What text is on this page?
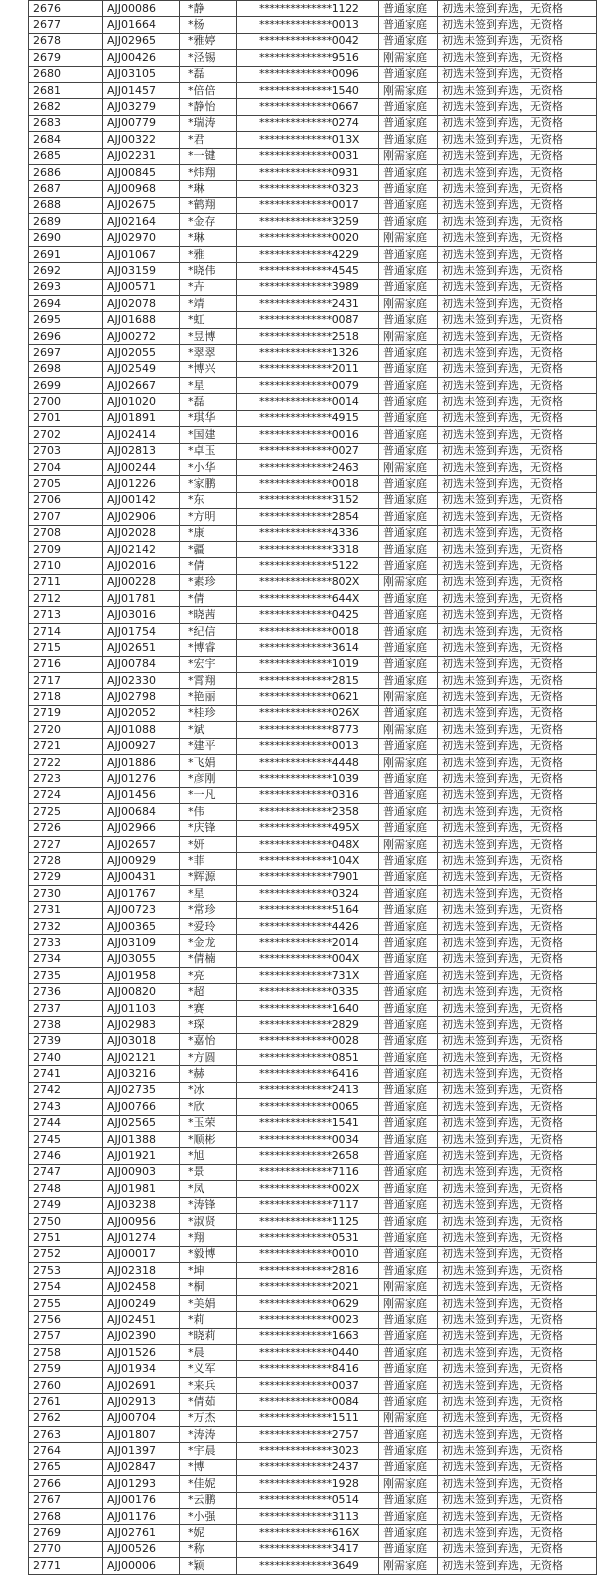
2676	AJJ00086	*静	**************1122	普通家庭	初选未签到弃选，无资格
2677	AJJ01664	*杨	**************0013	普通家庭	初选未签到弃选，无资格
2678	AJJ02965	*雅婷	**************0042	普通家庭	初选未签到弃选，无资格
2679	AJJ00426	*泾锡	**************9516	刚需家庭	初选未签到弃选，无资格
2680	AJJ03105	*磊	**************0096	普通家庭	初选未签到弃选，无资格
2681	AJJ01457	*倍倍	**************1540	刚需家庭	初选未签到弃选，无资格
2682	AJJ03279	*静怡	**************0667	普通家庭	初选未签到弃选，无资格
2683	AJJ00779	*瑞涛	**************0274	普通家庭	初选未签到弃选，无资格
2684	AJJ00322	*君	**************013X	普通家庭	初选未签到弃选，无资格
2685	AJJ02231	*一键	**************0031	刚需家庭	初选未签到弃选，无资格
2686	AJJ00845	*炜翔	**************0931	普通家庭	初选未签到弃选，无资格
2687	AJJ00968	*琳	**************0323	普通家庭	初选未签到弃选，无资格
2688	AJJ02675	*鹤翔	**************0017	普通家庭	初选未签到弃选，无资格
2689	AJJ02164	*金存	**************3259	普通家庭	初选未签到弃选，无资格
2690	AJJ02970	*琳	**************0020	刚需家庭	初选未签到弃选，无资格
2691	AJJ01067	*雅	**************4229	普通家庭	初选未签到弃选，无资格
2692	AJJ03159	*晓伟	**************4545	普通家庭	初选未签到弃选，无资格
2693	AJJ00571	*卉	**************3989	普通家庭	初选未签到弃选，无资格
2694	AJJ02078	*靖	**************2431	刚需家庭	初选未签到弃选，无资格
2695	AJJ01688	*虹	**************0087	普通家庭	初选未签到弃选，无资格
2696	AJJ00272	*昱博	**************2518	刚需家庭	初选未签到弃选，无资格
2697	AJJ02055	*翠翠	**************1326	普通家庭	初选未签到弃选，无资格
2698	AJJ02549	*博兴	**************2011	普通家庭	初选未签到弃选，无资格
2699	AJJ02667	*星	**************0079	普通家庭	初选未签到弃选，无资格
2700	AJJ01020	*磊	**************0014	普通家庭	初选未签到弃选，无资格
2701	AJJ01891	*琪华	**************4915	普通家庭	初选未签到弃选，无资格
2702	AJJ02414	*国建	**************0016	普通家庭	初选未签到弃选，无资格
2703	AJJ02813	*卓玉	**************0027	普通家庭	初选未签到弃选，无资格
2704	AJJ00244	*小华	**************2463	刚需家庭	初选未签到弃选，无资格
2705	AJJ01226	*家鹏	**************0018	普通家庭	初选未签到弃选，无资格
2706	AJJ00142	*东	**************3152	普通家庭	初选未签到弃选，无资格
2707	AJJ02906	*方明	**************2854	普通家庭	初选未签到弃选，无资格
2708	AJJ02028	*康	**************4336	普通家庭	初选未签到弃选，无资格
2709	AJJ02142	*疆	**************3318	普通家庭	初选未签到弃选，无资格
2710	AJJ02016	*倩	**************5122	普通家庭	初选未签到弃选，无资格
2711	AJJ00228	*素珍	**************802X	刚需家庭	初选未签到弃选，无资格
2712	AJJ01781	*倩	**************644X	普通家庭	初选未签到弃选，无资格
2713	AJJ03016	*晓茜	**************0425	普通家庭	初选未签到弃选，无资格
2714	AJJ01754	*纪信	**************0018	普通家庭	初选未签到弃选，无资格
2715	AJJ02651	*博睿	**************3614	普通家庭	初选未签到弃选，无资格
2716	AJJ00784	*宏宇	**************1019	普通家庭	初选未签到弃选，无资格
2717	AJJ02330	*霄翔	**************2815	普通家庭	初选未签到弃选，无资格
2718	AJJ02798	*艳丽	**************0621	刚需家庭	初选未签到弃选，无资格
2719	AJJ02052	*桂珍	**************026X	普通家庭	初选未签到弃选，无资格
2720	AJJ01088	*斌	**************8773	刚需家庭	初选未签到弃选，无资格
2721	AJJ00927	*建平	**************0013	普通家庭	初选未签到弃选，无资格
2722	AJJ01886	*飞娟	**************4448	刚需家庭	初选未签到弃选，无资格
2723	AJJ01276	*彦刚	**************1039	普通家庭	初选未签到弃选，无资格
2724	AJJ01456	*一凡	**************0316	普通家庭	初选未签到弃选，无资格
2725	AJJ00684	*伟	**************2358	普通家庭	初选未签到弃选，无资格
2726	AJJ02966	*庆锋	**************495X	普通家庭	初选未签到弃选，无资格
2727	AJJ02657	*妍	**************048X	刚需家庭	初选未签到弃选，无资格
2728	AJJ00929	*菲	**************104X	普通家庭	初选未签到弃选，无资格
2729	AJJ00431	*辉源	**************7901	普通家庭	初选未签到弃选，无资格
2730	AJJ01767	*星	**************0324	普通家庭	初选未签到弃选，无资格
2731	AJJ00723	*常珍	**************5164	普通家庭	初选未签到弃选，无资格
2732	AJJ00365	*爱玲	**************4426	普通家庭	初选未签到弃选，无资格
2733	AJJ03109	*金龙	**************2014	普通家庭	初选未签到弃选，无资格
2734	AJJ03055	*倩楠	**************004X	普通家庭	初选未签到弃选，无资格
2735	AJJ01958	*亮	**************731X	普通家庭	初选未签到弃选，无资格
2736	AJJ00820	*超	**************0335	普通家庭	初选未签到弃选，无资格
2737	AJJ01103	*赛	**************1640	普通家庭	初选未签到弃选，无资格
2738	AJJ02983	*琛	**************2829	普通家庭	初选未签到弃选，无资格
2739	AJJ03018	*嘉怡	**************0028	普通家庭	初选未签到弃选，无资格
2740	AJJ02121	*方圆	**************0851	普通家庭	初选未签到弃选，无资格
2741	AJJ03216	*赫	**************6416	普通家庭	初选未签到弃选，无资格
2742	AJJ02735	*冰	**************2413	普通家庭	初选未签到弃选，无资格
2743	AJJ00766	*欣	**************0065	普通家庭	初选未签到弃选，无资格
2744	AJJ02565	*玉荣	**************1541	普通家庭	初选未签到弃选，无资格
2745	AJJ01388	*顺彬	**************0034	普通家庭	初选未签到弃选，无资格
2746	AJJ01921	*旭	**************2658	普通家庭	初选未签到弃选，无资格
2747	AJJ00903	*景	**************7116	普通家庭	初选未签到弃选，无资格
2748	AJJ01981	*凤	**************002X	普通家庭	初选未签到弃选，无资格
2749	AJJ03238	*涛锋	**************7117	普通家庭	初选未签到弃选，无资格
2750	AJJ00956	*淑贤	**************1125	普通家庭	初选未签到弃选，无资格
2751	AJJ01274	*翔	**************0531	普通家庭	初选未签到弃选，无资格
2752	AJJ00017	*毅博	**************0010	普通家庭	初选未签到弃选，无资格
2753	AJJ02318	*坤	**************2816	普通家庭	初选未签到弃选，无资格
2754	AJJ02458	*桐	**************2021	刚需家庭	初选未签到弃选，无资格
2755	AJJ00249	*美娟	**************0629	刚需家庭	初选未签到弃选，无资格
2756	AJJ02451	*莉	**************0023	普通家庭	初选未签到弃选，无资格
2757	AJJ02390	*晓莉	**************1663	普通家庭	初选未签到弃选，无资格
2758	AJJ01526	*晨	**************0440	普通家庭	初选未签到弃选，无资格
2759	AJJ01934	*义军	**************8416	普通家庭	初选未签到弃选，无资格
2760	AJJ02691	*来兵	**************0037	普通家庭	初选未签到弃选，无资格
2761	AJJ02913	*倩茹	**************0084	普通家庭	初选未签到弃选，无资格
2762	AJJ00704	*万杰	**************1511	刚需家庭	初选未签到弃选，无资格
2763	AJJ01807	*涛涛	**************2757	普通家庭	初选未签到弃选，无资格
2764	AJJ01397	*宇晨	**************3023	普通家庭	初选未签到弃选，无资格
2765	AJJ02847	*博	**************2437	普通家庭	初选未签到弃选，无资格
2766	AJJ01293	*佳妮	**************1928	刚需家庭	初选未签到弃选，无资格
2767	AJJ00176	*云鹏	**************0514	普通家庭	初选未签到弃选，无资格
2768	AJJ01176	*小强	**************3113	普通家庭	初选未签到弃选，无资格
2769	AJJ02761	*妮	**************616X	普通家庭	初选未签到弃选，无资格
2770	AJJ00526	*称	**************3417	普通家庭	初选未签到弃选，无资格
2771	AJJ00006	*颖	**************3649	刚需家庭	初选未签到弃选，无资格
